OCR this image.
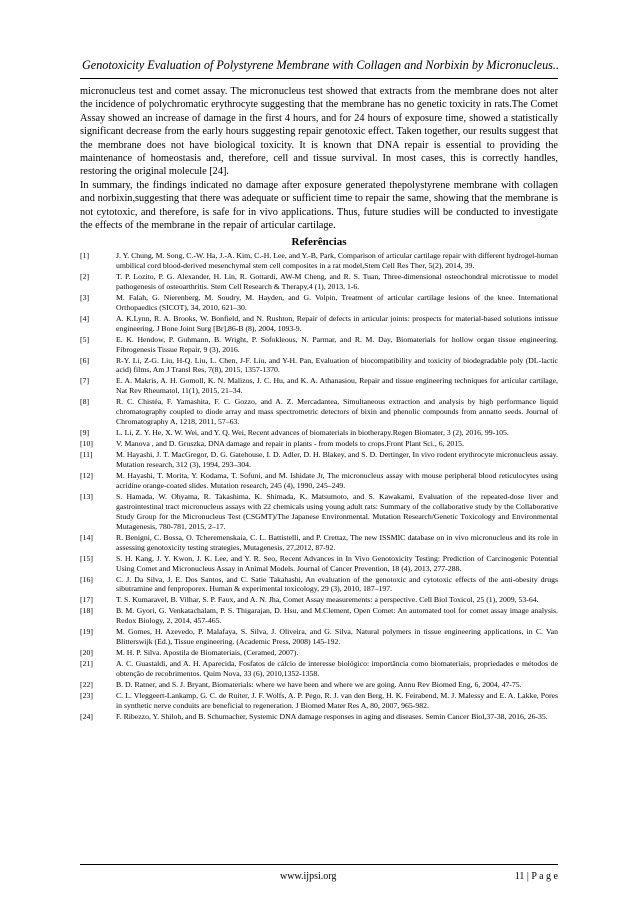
Genotoxicity Evaluation of Polystyrene Membrane with Collagen and Norbixin by Micronucleus..

micronucleus test and comet assay. The micronucleus test showed that extracts from the membrane does not alter the incidence of polychromatic erythrocyte suggesting that the membrane has no genetic toxicity in rats.The Comet Assay showed an increase of damage in the first 4 hours, and for 24 hours of exposure time, showed a statistically significant decrease from the early hours suggesting repair genotoxic effect. Taken together, our results suggest that the membrane does not have biological toxicity. It is known that DNA repair is essential to providing the maintenance of homeostasis and, therefore, cell and tissue survival. In most cases, this is correctly handles, restoring the original molecule [24].

In summary, the findings indicated no damage after exposure generated thepolystyrene membrane with collagen and norbixin,suggesting that there was adequate or sufficient time to repair the same, showing that the membrane is not cytotoxic, and therefore, is safe for in vivo applications. Thus, future studies will be conducted to investigate the effects of the membrane in the repair of articular cartilage.

Referências
[1]	J. Y. Chung, M. Song, C.-W. Ha, J.-A. Kim, C.-H. Lee, and Y.-B, Park, Comparison of articular cartilage repair with different hydrogel-human umbilical cord blood-derived mesenchymal stem cell composites in a rat model,Stem Cell Res Ther, 5(2), 2014, 39.
[2]	T. P. Lozito, P. G. Alexander, H. Lin, R. Gottardi, AW-M Cheng, and R. S. Tuan, Three-dimensional osteochondral microtissue to model pathogenesis of osteoarthritis. Stem Cell Research & Therapy,4 (1), 2013, 1-6.
[3]	M. Falah, G. Nierenberg, M. Soudry, M. Hayden, and G. Volpin, Treatment of articular cartilage lesions of the knee. International Orthopaedics (SICOT), 34, 2010, 621–30.
[4]	A. K.Lynn, R. A. Brooks, W. Bonfield, and N. Rushton, Repair of defects in articular joints: prospects for material-based solutions intissue engineering. J Bone Joint Surg [Br],86-B (8), 2004, 1093-9.
[5]	E. K. Hendow, P. Guhmann, B. Wright, P. Sofokleous, N. Parmar, and R. M. Day, Biomaterials for hollow organ tissue engineering. Fibrogenesis Tissue Repair, 9 (3), 2016.
[6]	R-Y. Li, Z-G. Liu, H-Q. Liu, L. Chen, J-F. Liu, and Y-H. Pan, Evaluation of biocompatibility and toxicity of biodegradable poly (DL-lactic acid) films, Am J Transl Res, 7(8), 2015, 1357-1370.
[7]	E. A. Makris, A. H. Gomoll, K. N. Malizos, J. C. Hu, and K. A. Athanasiou, Repair and tissue engineering techniques for articular cartilage, Nat Rev Rheumatol, 11(1), 2015, 21–34.
[8]	R. C. Chistéa, F. Yamashita, F. C. Gozzo, and A. Z. Mercadantea, Simultaneous extraction and analysis by high performance liquid chromatography coupled to diode array and mass spectrometric detectors of bixin and phenolic compounds from annatto seeds. Journal of Chromatography A, 1218, 2011, 57–63.
[9]	L. Li, Z. Y. He, X. W. Wei, and Y. Q. Wei, Recent advances of biomaterials in biotherapy.Regen Biomater, 3 (2), 2016, 99-105.
[10]	V. Manova , and D. Gruszka, DNA damage and repair in plants - from models to crops.Front Plant Sci., 6, 2015.
[11]	M. Hayashi, J. T. MacGregor, D. G. Gatehouse, I. D. Adler, D. H. Blakey, and S. D. Dertinger, In vivo rodent erythrocyte micronucleus assay. Mutation research, 312 (3), 1994, 293–304.
[12]	M. Hayashi, T. Morita, Y. Kodama, T. Sofuni, and M. Ishidate Jr, The micronucleus assay with mouse peripheral blood reticulocytes using acridine orange-coated slides. Mutation research, 245 (4), 1990, 245–249.
[13]	S. Hamada, W. Ohyama, R. Takashima, K. Shimada, K. Matsumoto, and S. Kawakami, Evaluation of the repeated-dose liver and gastrointestinal tract micronucleus assays with 22 chemicals using young adult rats: Summary of the collaborative study by the Collaborative Study Group for the Micronucleus Test (CSGMT)/The Japanese Environmental. Mutation Research/Genetic Toxicology and Environmental Mutagenesis, 780-781, 2015, 2–17.
[14]	R. Benigni, C. Bossa, O. Tcheremenskaia, C. L. Battistelli, and P. Crettaz, The new ISSMIC database on in vivo micronucleus and its role in assessing genotoxicity testing strategies, Mutagenesis, 27,2012, 87-92.
[15]	S. H. Kang, J. Y. Kwon, J. K. Lee, and Y. R. Seo, Recent Advances in In Vivo Genotoxicity Testing: Prediction of Carcinogenic Potential Using Comet and Micronucleus Assay in Animal Models. Journal of Cancer Prevention, 18 (4), 2013, 277-288.
[16]	C. J. Da Silva, J. E. Dos Santos, and C. Satie Takahashi, An evaluation of the genotoxic and cytotoxic effects of the anti-obesity drugs sibutramine and fenproporex. Human & experimental toxicology, 29 (3), 2010, 187–197.
[17]	T. S. Kumaravel, B. Vilhar, S. P. Faux, and A. N. Jha, Comet Assay measurements: a perspective. Cell Biol Toxicol, 25 (1), 2009, 53-64.
[18]	B. M. Gyori, G. Venkatachalam, P. S. Thigarajan, D. Hsu, and M.Clement, Open Comet: An automated tool for comet assay image analysis. Redox Biology, 2, 2014, 457-465.
[19]	M. Gomes, H. Azevedo, P. Malafaya, S. Silva, J. Oliveira, and G. Silva, Natural polymers in tissue engineering applications, in C. Van Blitterswijk (Ed.), Tissue engineering. (Academic Press, 2008) 145-192.
[20]	M. H. P. Silva. Apostila de Biomateriais, (Ceramed, 2007).
[21]	A. C. Guastaldi, and A. H. Aparecida, Fosfatos de cálcio de interesse biológico: importância como biomateriais, propriedades e métodos de obtenção de recobrimentos. Quím Nova, 33 (6), 2010,1352-1358.
[22]	B. D. Ratner, and S. J. Bryant, Biomaterials: where we have been and where we are going. Annu Rev Biomed Eng, 6, 2004, 47-75.
[23]	C. L. Vleggeert-Lankamp, G. C. de Ruiter, J. F. Wolfs, A. P. Pego, R. J. van den Berg, H. K. Feirabend, M. J. Malessy and E. A. Lakke, Pores in synthetic nerve conduits are beneficial to regeneration. J Biomed Mater Res A, 80, 2007, 965-982.
[24]	F. Ribezzo, Y. Shiloh, and B. Schumacher, Systemic DNA damage responses in aging and diseases. Semin Cancer Biol,37-38, 2016, 26-35.
www.ijpsi.org	11 | P a g e
